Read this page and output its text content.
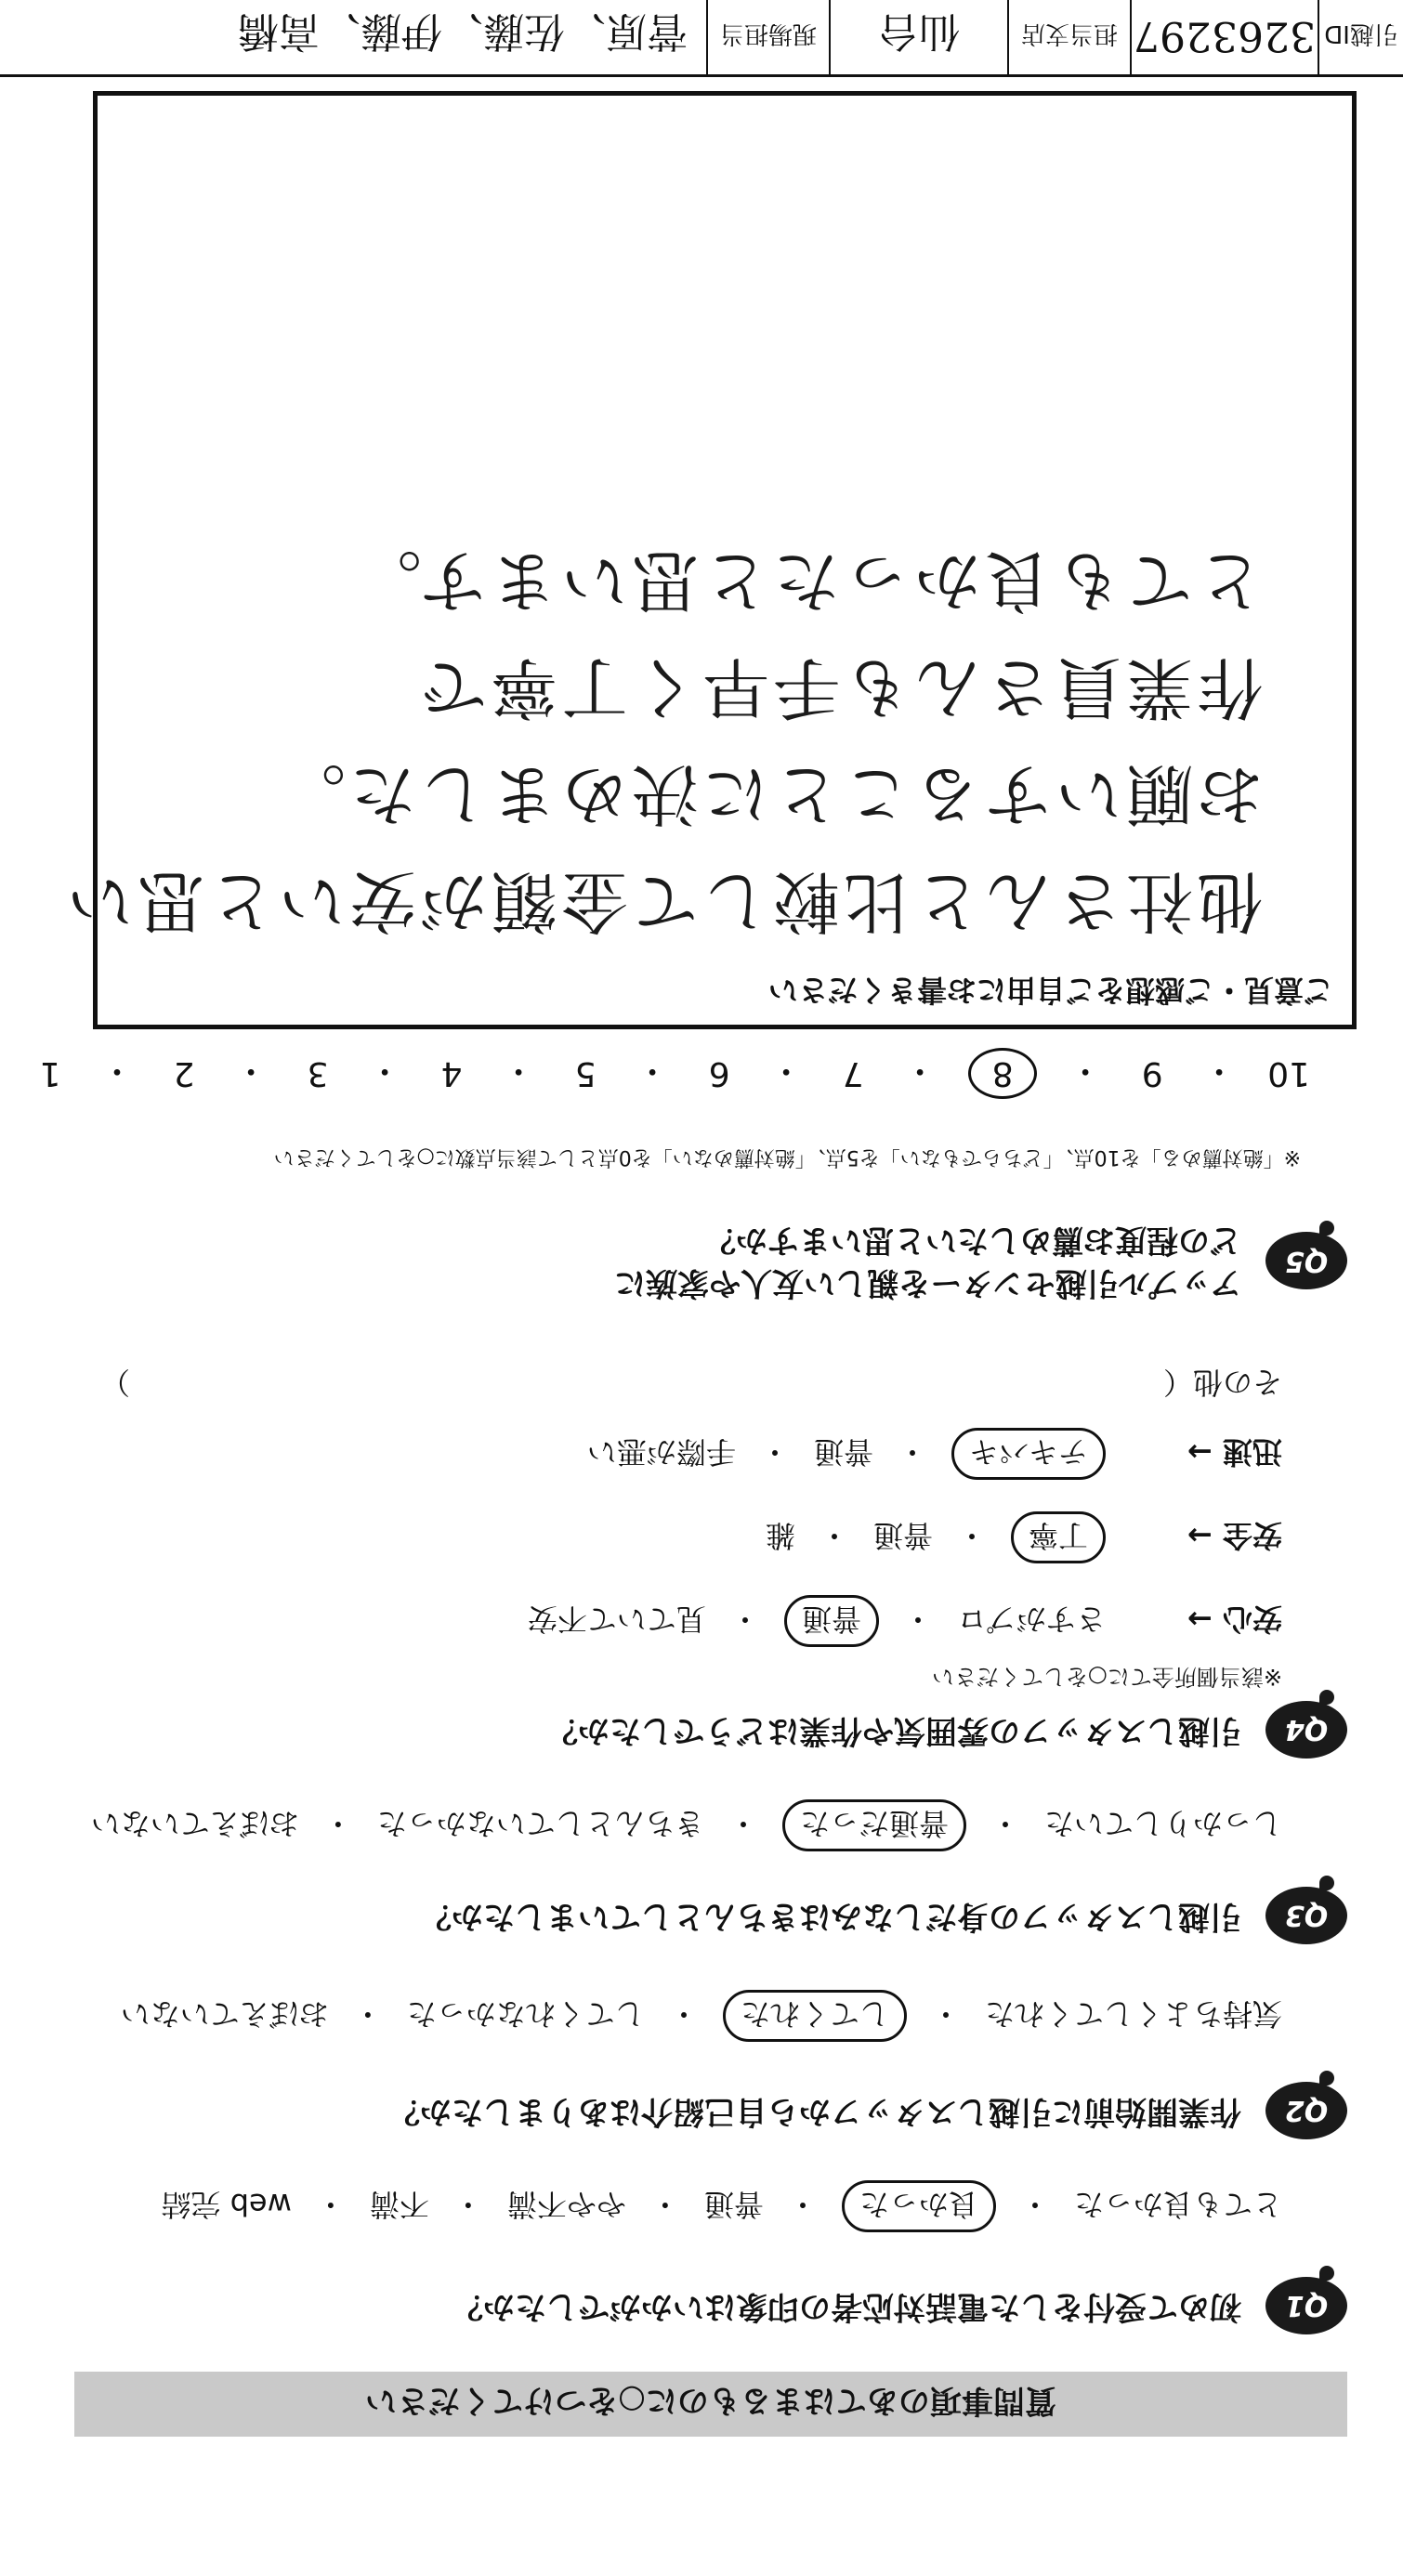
質問事項のあてはまるものに○をつけてください
Q1
初めて受付をした電話対応者の印象はいかがでしたか？
とても良かった
・
良かった
・
普通
・
やや不満
・
不満
・
web 完結
Q2
作業開始前に引越しスタッフから自己紹介はありましたか？
気持ちよくしてくれた
・
してくれた
・
してくれなかった
・
おぼえていない
Q3
引越しスタッフの身だしなみはきちんとしていましたか？
しっかりしていた
・
普通だった
・
きちんとしていなかった
・
おぼえていない
Q4
引越しスタッフの雰囲気や作業はどうでしたか？
※該当個所全てに○をしてください
安心 →
さすがプロ
・
普通
・
見ていて不安
安全 →
丁寧
・
普通
・
雑
迅速 →
テキパキ
・
普通
・
手際が悪い
その他（
）
Q5
アップル引越センターを親しい友人や家族に
どの程度お薦めしたいと思いますか？
※「絶対薦める」を10点、「どちらでもない」を5点、「絶対薦めない」を0点として該当点数に○をしてください
10
・
9
・
8
・
7
・
6
・
5
・
4
・
3
・
2
・
1
ご意見・ご感想をご自由にお書きください
他社さんと比較して金額が安いと思い
お願いすることに決めました。
作業員さんも手早く丁寧で
とても良かったと思います。
引越ID
3263297
担当支店
仙台
現場担当
菅原、佐藤、伊藤、高橋
